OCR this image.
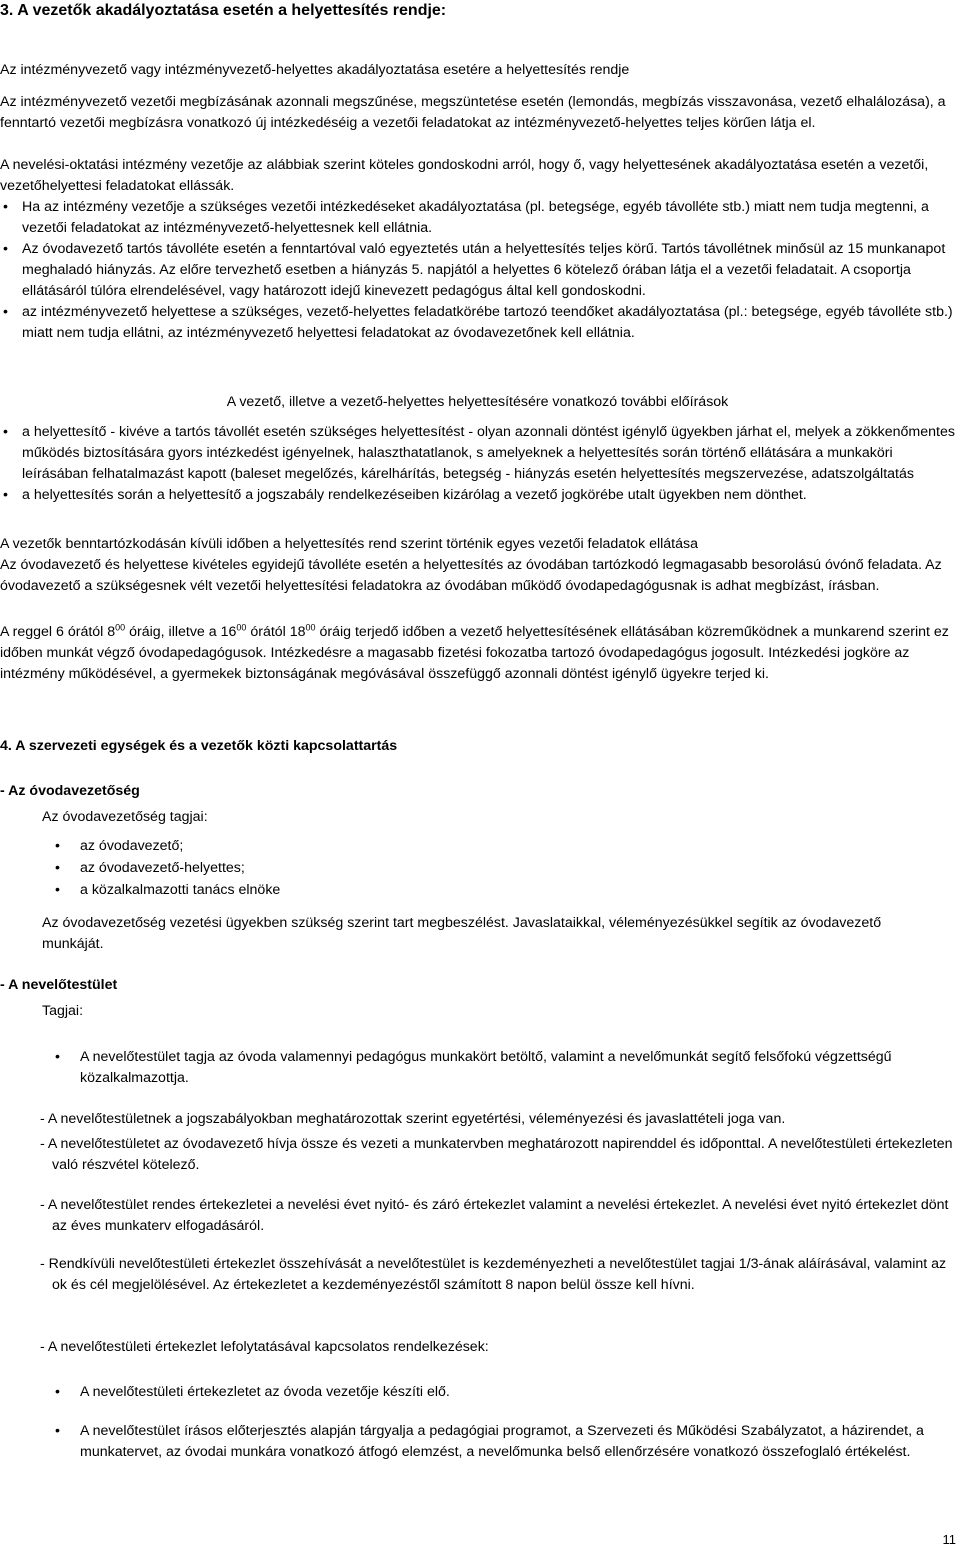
3. A vezetők akadályoztatása esetén a helyettesítés rendje:

Az intézményvezető vagy intézményvezető-helyettes akadályoztatása esetére a helyettesítés rendje

Az intézményvezető vezetői megbízásának azonnali megszűnése, megszüntetése esetén (lemondás, megbízás visszavonása, vezető elhalálozása), a fenntartó vezetői megbízásra vonatkozó új intézkedéséig a vezetői feladatokat az intézményvezető-helyettes teljes körűen látja el.

A nevelési-oktatási intézmény vezetője az alábbiak szerint köteles gondoskodni arról, hogy ő, vagy helyettesének akadályoztatása esetén a vezetői, vezetőhelyettesi feladatokat ellássák.

• Ha az intézmény vezetője a szükséges vezetői intézkedéseket akadályoztatása (pl. betegsége, egyéb távolléte stb.) miatt nem tudja megtenni, a vezetői feladatokat az intézményvezető-helyettesnek kell ellátnia.

• Az óvodavezető tartós távolléte esetén a fenntartóval való egyeztetés után a helyettesítés teljes körű. Tartós távollétnek minősül az 15 munkanapot meghaladó hiányzás. Az előre tervezhető esetben a hiányzás 5. napjától a helyettes 6 kötelező órában látja el a vezetői feladatait. A csoportja ellátásáról túlóra elrendelésével, vagy határozott idejű kinevezett pedagógus által kell gondoskodni.

• az intézményvezető helyettese a szükséges, vezető-helyettes feladatkörébe tartozó teendőket akadályoztatása (pl.: betegsége, egyéb távolléte stb.) miatt nem tudja ellátni, az intézményvezető helyettesi feladatokat az óvodavezetőnek kell ellátnia.

A vezető, illetve a vezető-helyettes helyettesítésére vonatkozó további előírások

• a helyettesítő - kivéve a tartós távollét esetén szükséges helyettesítést - olyan azonnali döntést igénylő ügyekben járhat el, melyek a zökkenőmentes működés biztosítására gyors intézkedést igényelnek, halaszthatatlanok, s amelyeknek a helyettesítés során történő ellátására a munkaköri leírásában felhatalmazást kapott (baleset megelőzés, kárelhárítás, betegség - hiányzás esetén helyettesítés megszervezése, adatszolgáltatás

• a helyettesítés során a helyettesítő a jogszabály rendelkezéseiben kizárólag a vezető jogkörébe utalt ügyekben nem dönthet.

A vezetők benntartózkodásán kívüli időben a helyettesítés rend szerint történik egyes vezetői feladatok ellátása

Az óvodavezető és helyettese kivételes egyidejű távolléte esetén a helyettesítés az óvodában tartózkodó legmagasabb besorolású óvónő feladata. Az óvodavezető a szükségesnek vélt vezetői helyettesítési feladatokra az óvodában működő óvodapedagógusnak is adhat megbízást, írásban.

A reggel 6 órától $8^{00}$ óráig, illetve a $16^{00}$ órától $18^{00}$ óráig terjedő időben a vezető helyettesítésének ellátásában közreműködnek a munkarend szerint ez időben munkát végző óvodapedagógusok. Intézkedésre a magasabb fizetési fokozatba tartozó óvodapedagógus jogosult. Intézkedési jogköre az intézmény működésével, a gyermekek biztonságának megóvásával összefüggő azonnali döntést igénylő ügyekre terjed ki.

4. A szervezeti egységek és a vezetők közti kapcsolattartás

- Az óvodavezetőség

Az óvodavezetőség tagjai:

• az óvodavezető;

• az óvodavezető-helyettes;

• a közalkalmazotti tanács elnöke

Az óvodavezetőség vezetési ügyekben szükség szerint tart megbeszélést. Javaslataikkal, véleményezésükkel segítik az óvodavezető munkáját.

- A nevelőtestület

Tagjai:

• A nevelőtestület tagja az óvoda valamennyi pedagógus munkakört betöltő, valamint a nevelőmunkát segítő felsőfokú végzettségű közalkalmazottja.

- A nevelőtestületnek a jogszabályokban meghatározottak szerint egyetértési, véleményezési és javaslattételi joga van.

- A nevelőtestületet az óvodavezető hívja össze és vezeti a munkatervben meghatározott napirenddel és időponttal. A nevelőtestületi értekezleten való részvétel kötelező.

- A nevelőtestület rendes értekezletei a nevelési évet nyitó- és záró értekezlet valamint a nevelési értekezlet. A nevelési évet nyitó értekezlet dönt az éves munkaterv elfogadásáról.

- Rendkívüli nevelőtestületi értekezlet összehívását a nevelőtestület is kezdeményezheti a nevelőtestület tagjai 1/3-ának aláírásával, valamint az ok és cél megjelölésével. Az értekezletet a kezdeményezéstől számított 8 napon belül össze kell hívni.

- A nevelőtestületi értekezlet lefolytatásával kapcsolatos rendelkezések:

• A nevelőtestületi értekezletet az óvoda vezetője készíti elő.

• A nevelőtestület írásos előterjesztés alapján tárgyalja a pedagógiai programot, a Szervezeti és Működési Szabályzatot, a házirendet, a munkatervet, az óvodai munkára vonatkozó átfogó elemzést, a nevelőmunka belső ellenőrzésére vonatkozó összefoglaló értékelést.

11
